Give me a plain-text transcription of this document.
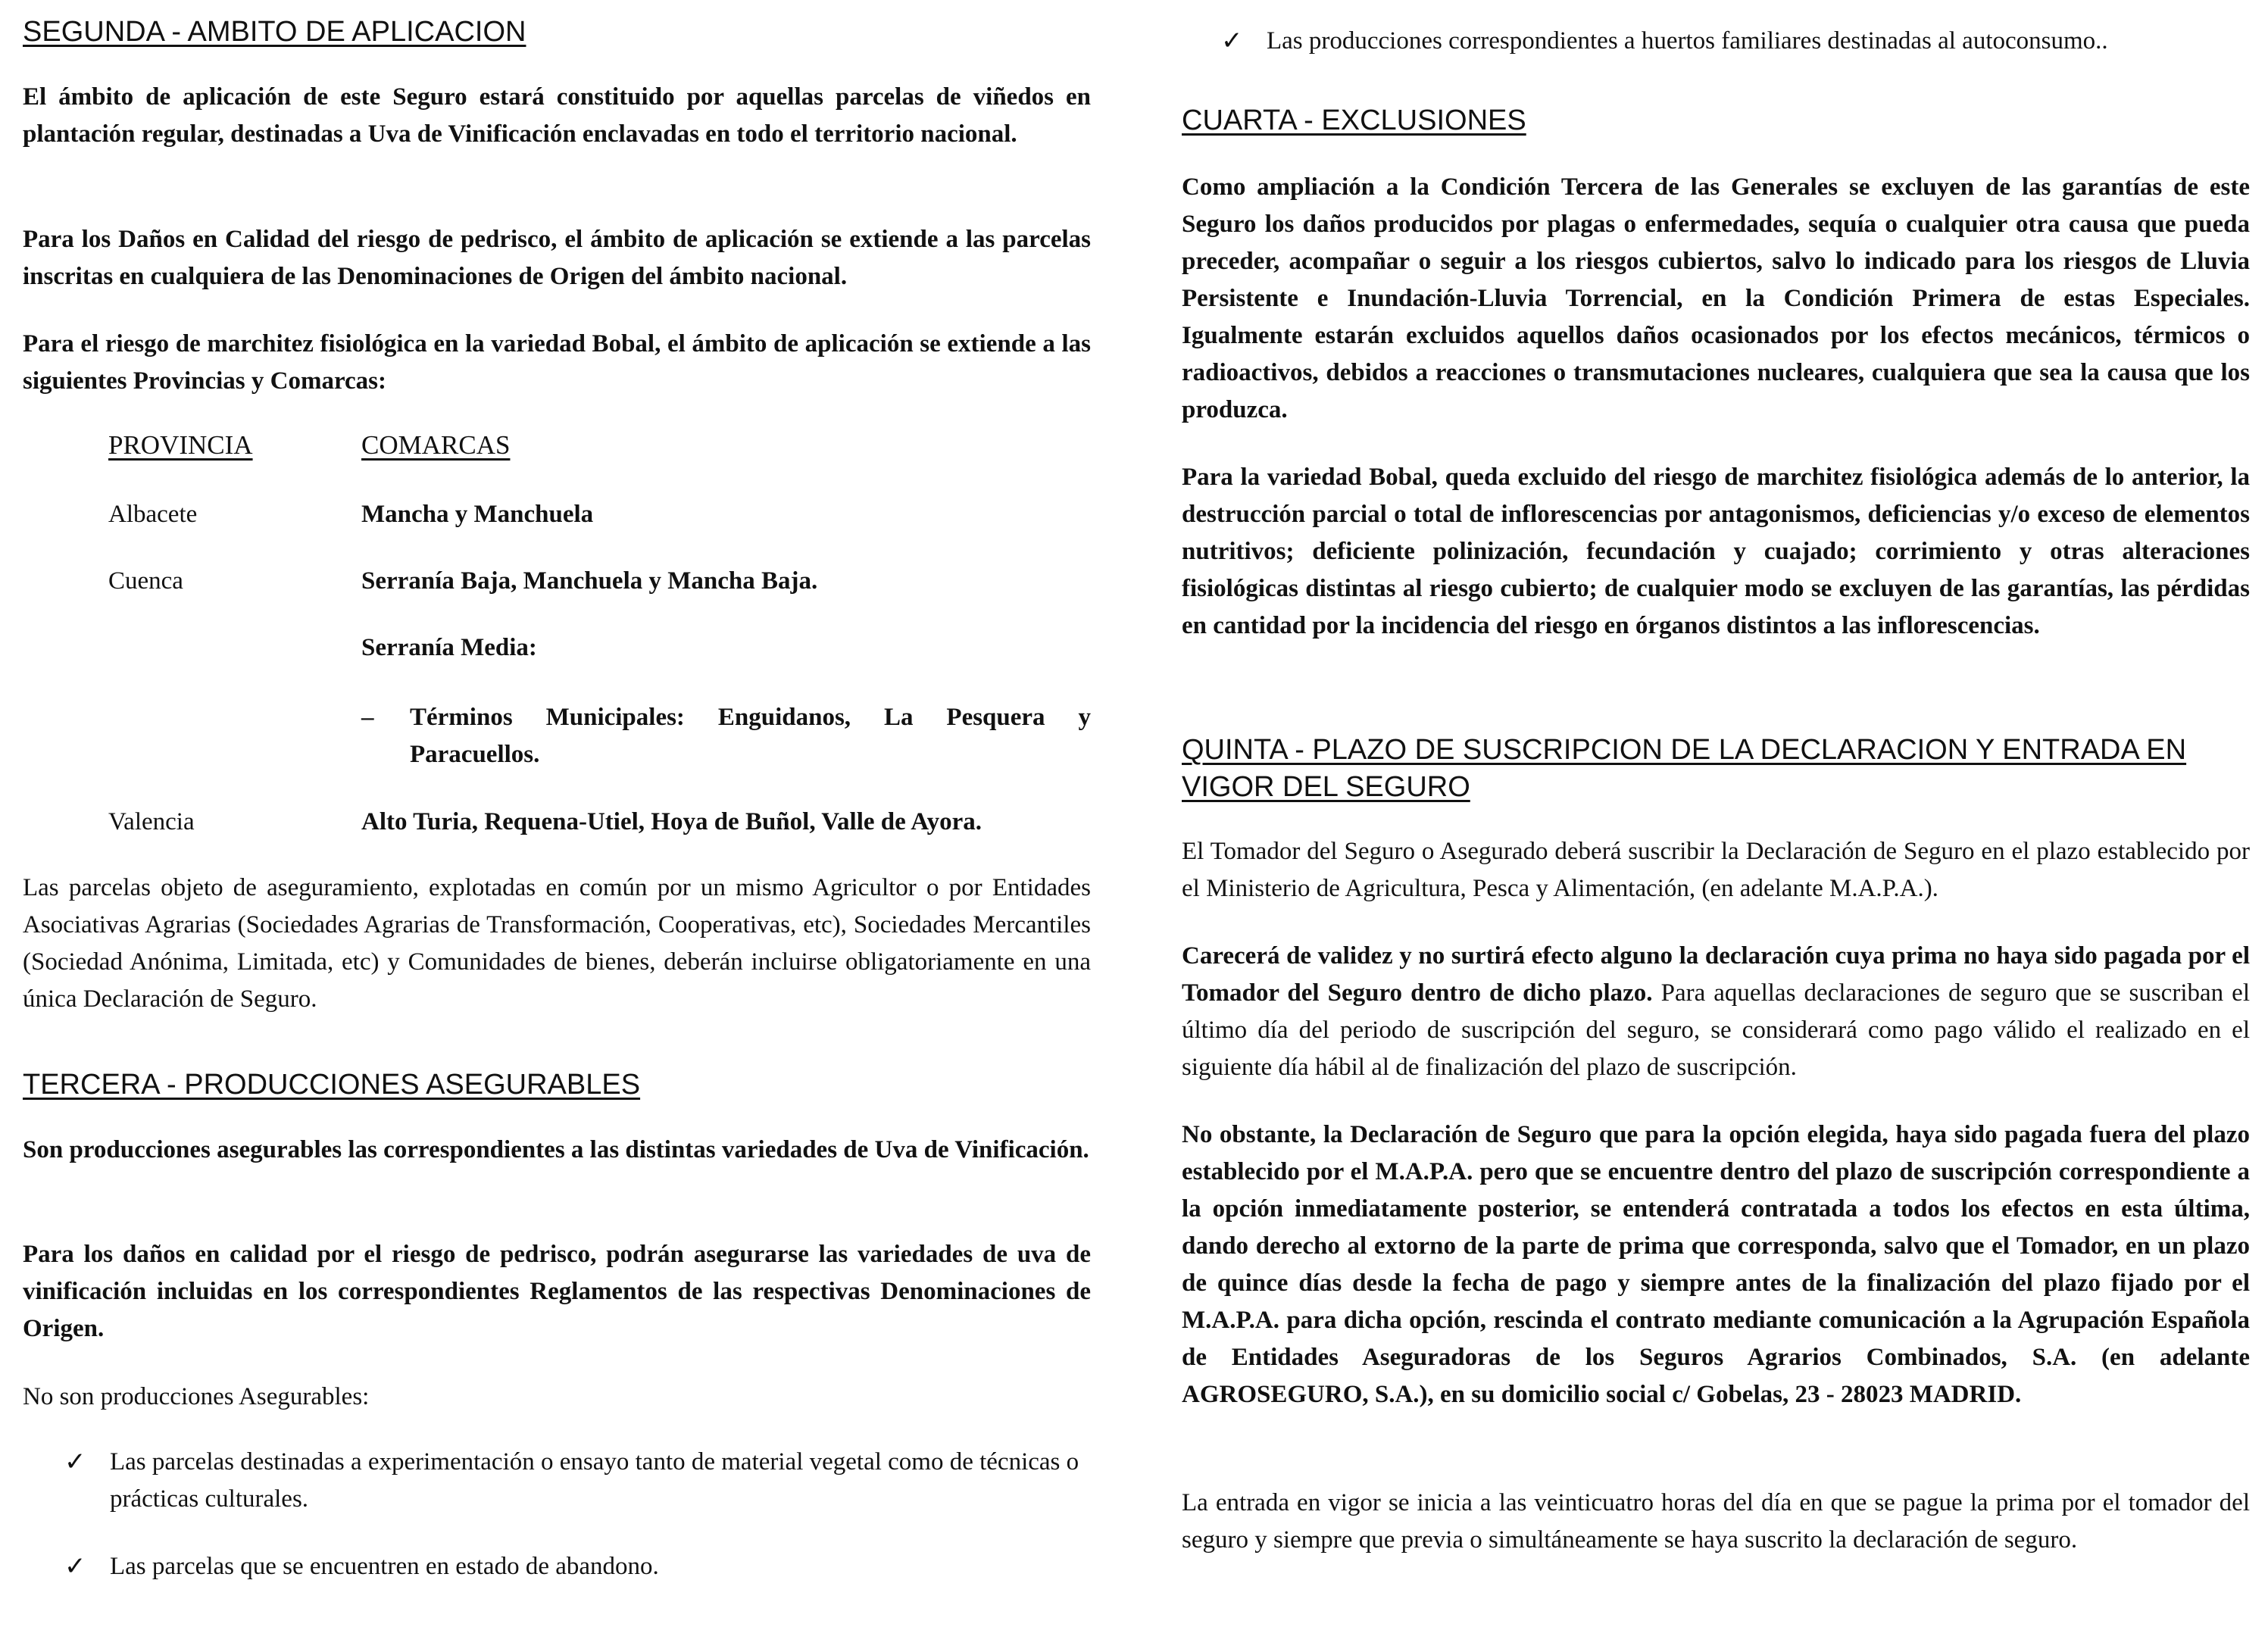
SEGUNDA - AMBITO DE APLICACION

El ámbito de aplicación de este Seguro estará constituido por aquellas parcelas de viñedos en plantación regular, destinadas a Uva de Vinificación enclavadas en todo el territorio nacional.

Para los Daños en Calidad del riesgo de pedrisco, el ámbito de aplicación se extiende a las parcelas inscritas en cualquiera de las Denominaciones de Origen del ámbito nacional.

Para el riesgo de marchitez fisiológica en la variedad Bobal, el ámbito de aplicación se extiende a las siguientes Provincias y Comarcas:

PROVINCIA	COMARCAS
Albacete	Mancha y Manchuela
Cuenca	Serranía Baja, Manchuela y Mancha Baja.
Serranía Media:
– Términos Municipales: Enguidanos, La Pesquera y Paracuellos.
Valencia	Alto Turia, Requena-Utiel, Hoya de Buñol, Valle de Ayora.

Las parcelas objeto de aseguramiento, explotadas en común por un mismo Agricultor o por Entidades Asociativas Agrarias (Sociedades Agrarias de Transformación, Cooperativas, etc), Sociedades Mercantiles (Sociedad Anónima, Limitada, etc) y Comunidades de bienes, deberán incluirse obligatoriamente en una única Declaración de Seguro.

TERCERA - PRODUCCIONES ASEGURABLES

Son producciones asegurables las correspondientes a las distintas variedades de Uva de Vinificación.

Para los daños en calidad por el riesgo de pedrisco, podrán asegurarse las variedades de uva de vinificación incluidas en los correspondientes Reglamentos de las respectivas Denominaciones de Origen.

No son producciones Asegurables:

✓ Las parcelas destinadas a experimentación o ensayo tanto de material vegetal como de técnicas o prácticas culturales.

✓ Las parcelas que se encuentren en estado de abandono.

✓ Las producciones correspondientes a huertos familiares destinadas al autoconsumo..

CUARTA - EXCLUSIONES

Como ampliación a la Condición Tercera de las Generales se excluyen de las garantías de este Seguro los daños producidos por plagas o enfermedades, sequía o cualquier otra causa que pueda preceder, acompañar o seguir a los riesgos cubiertos, salvo lo indicado para los riesgos de Lluvia Persistente e Inundación-Lluvia Torrencial, en la Condición Primera de estas Especiales. Igualmente estarán excluidos aquellos daños ocasionados por los efectos mecánicos, térmicos o radioactivos, debidos a reacciones o transmutaciones nucleares, cualquiera que sea la causa que los produzca.

Para la variedad Bobal, queda excluido del riesgo de marchitez fisiológica además de lo anterior, la destrucción parcial o total de inflorescencias por antagonismos, deficiencias y/o exceso de elementos nutritivos; deficiente polinización, fecundación y cuajado; corrimiento y otras alteraciones fisiológicas distintas al riesgo cubierto; de cualquier modo se excluyen de las garantías, las pérdidas en cantidad por la incidencia del riesgo en órganos distintos a las inflorescencias.

QUINTA - PLAZO DE SUSCRIPCION DE LA DECLARACION Y ENTRADA EN VIGOR DEL SEGURO

El Tomador del Seguro o Asegurado deberá suscribir la Declaración de Seguro en el plazo establecido por el Ministerio de Agricultura, Pesca y Alimentación, (en adelante M.A.P.A.).

Carecerá de validez y no surtirá efecto alguno la declaración cuya prima no haya sido pagada por el Tomador del Seguro dentro de dicho plazo. Para aquellas declaraciones de seguro que se suscriban el último día del periodo de suscripción del seguro, se considerará como pago válido el realizado en el siguiente día hábil al de finalización del plazo de suscripción.

No obstante, la Declaración de Seguro que para la opción elegida, haya sido pagada fuera del plazo establecido por el M.A.P.A. pero que se encuentre dentro del plazo de suscripción correspondiente a la opción inmediatamente posterior, se entenderá contratada a todos los efectos en esta última, dando derecho al extorno de la parte de prima que corresponda, salvo que el Tomador, en un plazo de quince días desde la fecha de pago y siempre antes de la finalización del plazo fijado por el M.A.P.A. para dicha opción, rescinda el contrato mediante comunicación a la Agrupación Española de Entidades Aseguradoras de los Seguros Agrarios Combinados, S.A. (en adelante AGROSEGURO, S.A.), en su domicilio social c/ Gobelas, 23 - 28023 MADRID.

La entrada en vigor se inicia a las veinticuatro horas del día en que se pague la prima por el tomador del seguro y siempre que previa o simultáneamente se haya suscrito la declaración de seguro.
